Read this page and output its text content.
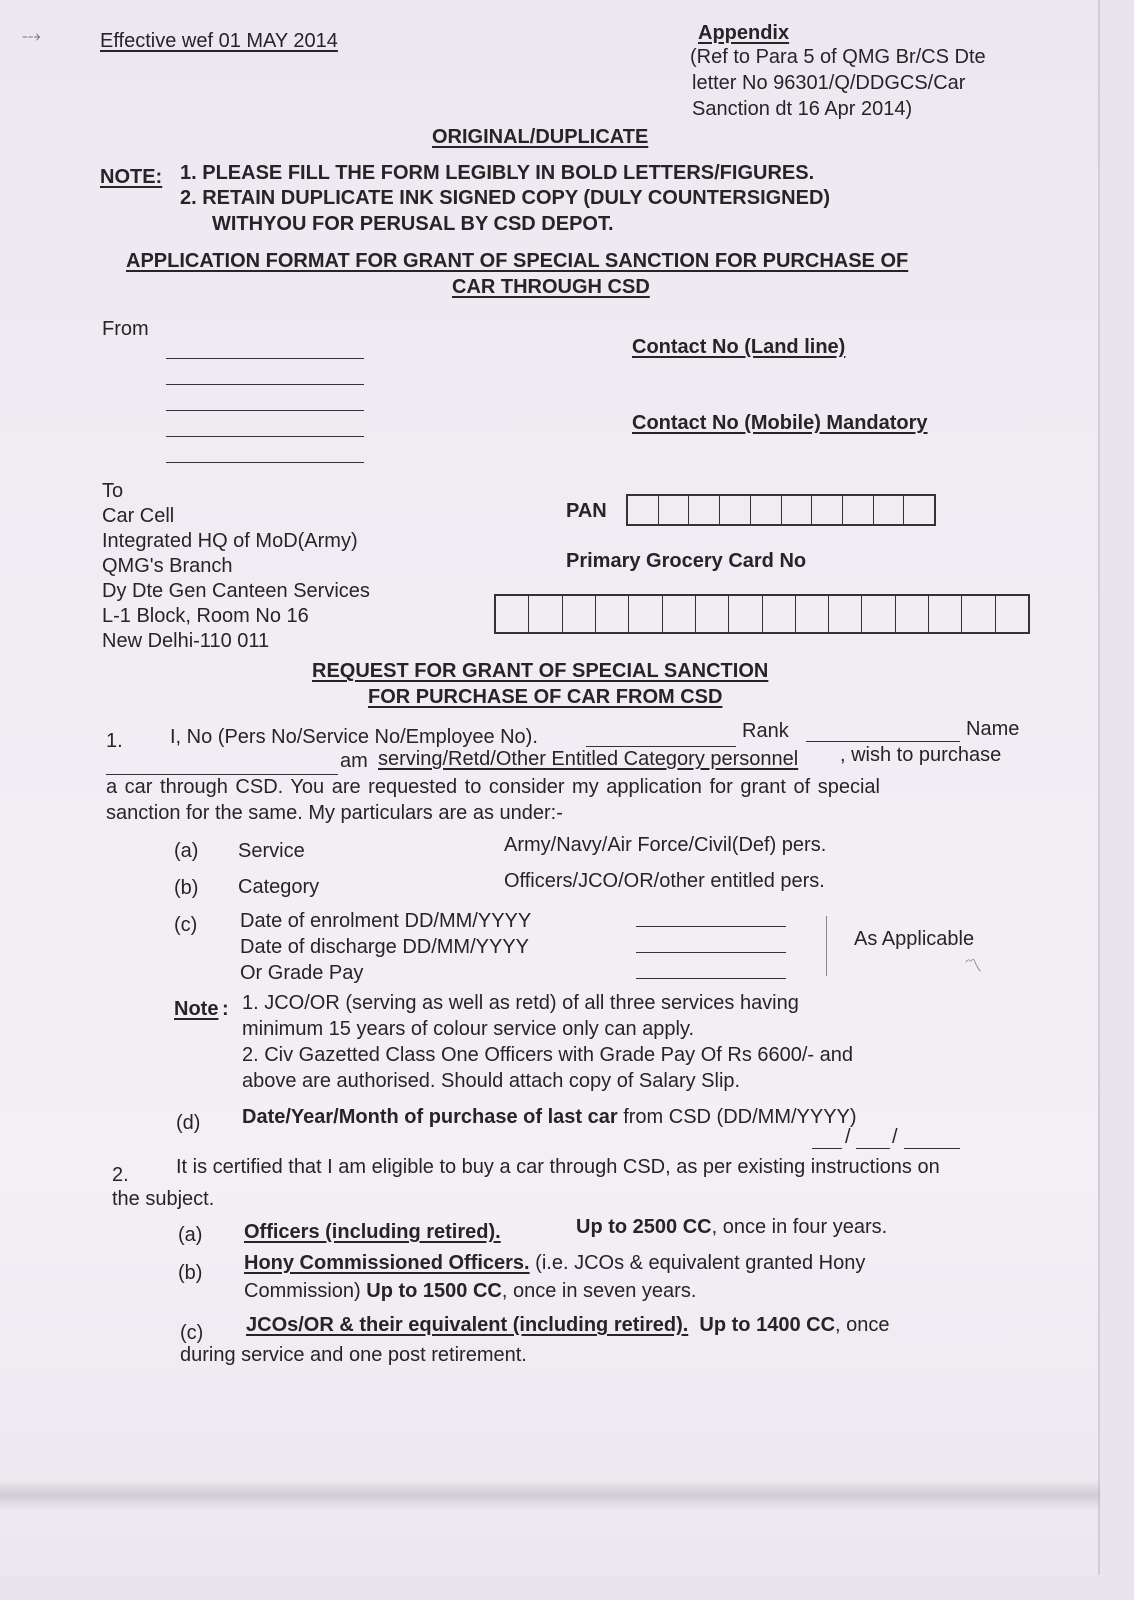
⤏	Effective wef 01 MAY 2014	Appendix
(Ref to Para 5 of QMG Br/CS Dte
letter No 96301/Q/DDGCS/Car
Sanction dt 16 Apr 2014)
ORIGINAL/DUPLICATE
NOTE: 1. PLEASE FILL THE FORM LEGIBLY IN BOLD LETTERS/FIGURES.
2. RETAIN DUPLICATE INK SIGNED COPY (DULY COUNTERSIGNED)
WITHYOU FOR PERUSAL BY CSD DEPOT.
APPLICATION FORMAT FOR GRANT OF SPECIAL SANCTION FOR PURCHASE OF
CAR THROUGH CSD
From
Contact No (Land line)
Contact No (Mobile) Mandatory
To
Car Cell
Integrated HQ of MoD(Army)
QMG's Branch
Dy Dte Gen Canteen Services
L-1 Block, Room No 16
New Delhi-110 011
PAN
Primary Grocery Card No
REQUEST FOR GRANT OF SPECIAL SANCTION
FOR PURCHASE OF CAR FROM CSD
1. I, No (Pers No/Service No/Employee No).	Rank	Name
am serving/Retd/Other Entitled Category personnel , wish to purchase
a car through CSD. You are requested to consider my application for grant of special
sanction for the same. My particulars are as under:-
(a) Service	Army/Navy/Air Force/Civil(Def) pers.
(b) Category	Officers/JCO/OR/other entitled pers.
(c) Date of enrolment DD/MM/YYYY
Date of discharge DD/MM/YYYY
Or Grade Pay
As Applicable
〽
Note : 1. JCO/OR (serving as well as retd) of all three services having
minimum 15 years of colour service only can apply.
2. Civ Gazetted Class One Officers with Grade Pay Of Rs 6600/- and
above are authorised. Should attach copy of Salary Slip.
(d) Date/Year/Month of purchase of last car from CSD (DD/MM/YYYY)
/ /
2. It is certified that I am eligible to buy a car through CSD, as per existing instructions on
the subject.
(a) Officers (including retired).	Up to 2500 CC, once in four years.
(b) Hony Commissioned Officers. (i.e. JCOs & equivalent granted Hony
Commission) Up to 1500 CC, once in seven years.
(c) JCOs/OR & their equivalent (including retired). Up to 1400 CC, once
during service and one post retirement.
